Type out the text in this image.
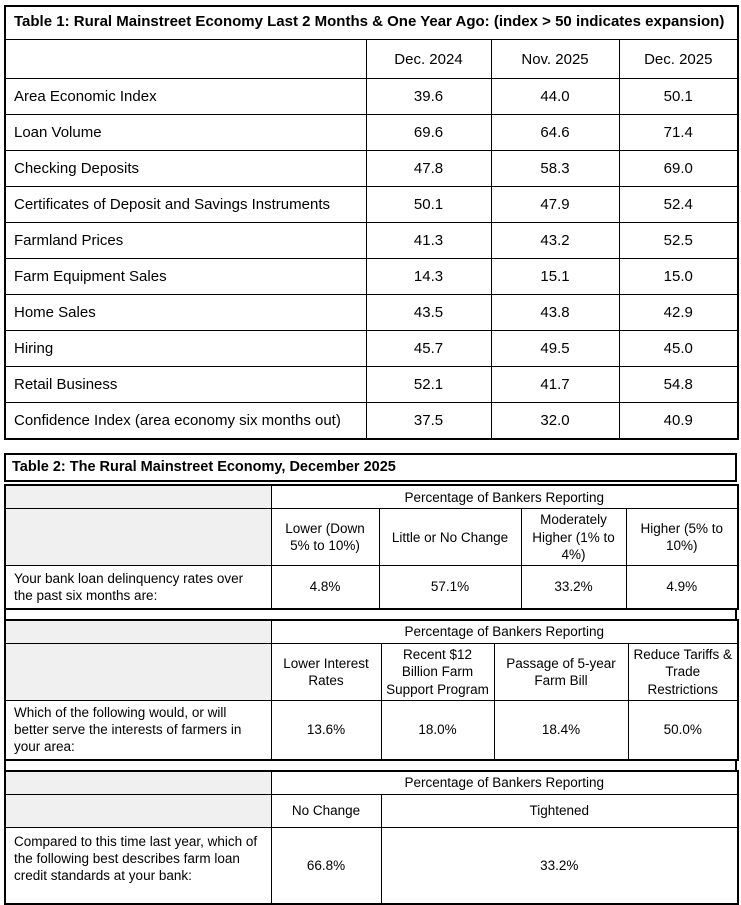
Table 1: Rural Mainstreet Economy Last 2 Months & One Year Ago: (index > 50 indicates expansion)			
	Dec. 2024	Nov. 2025	Dec. 2025
Area Economic Index	39.6	44.0	50.1
Loan Volume	69.6	64.6	71.4
Checking Deposits	47.8	58.3	69.0
Certificates of Deposit and Savings Instruments	50.1	47.9	52.4
Farmland Prices	41.3	43.2	52.5
Farm Equipment Sales	14.3	15.1	15.0
Home Sales	43.5	43.8	42.9
Hiring	45.7	49.5	45.0
Retail Business	52.1	41.7	54.8
Confidence Index (area economy six months out)	37.5	32.0	40.9
Table 2: The Rural Mainstreet Economy, December 2025
	Percentage of Bankers Reporting			
	Lower (Down 5% to 10%)	Little or No Change	Moderately Higher (1% to 4%)	Higher (5% to 10%)
Your bank loan delinquency rates over the past six months are:	4.8%	57.1%	33.2%	4.9%
	Percentage of Bankers Reporting			
	Lower Interest Rates	Recent $12 Billion Farm Support Program	Passage of 5-year Farm Bill	Reduce Tariffs & Trade Restrictions
Which of the following would, or will better serve the interests of farmers in your area:	13.6%	18.0%	18.4%	50.0%
	Percentage of Bankers Reporting	
	No Change	Tightened
Compared to this time last year, which of the following best describes farm loan credit standards at your bank:	66.8%	33.2%
